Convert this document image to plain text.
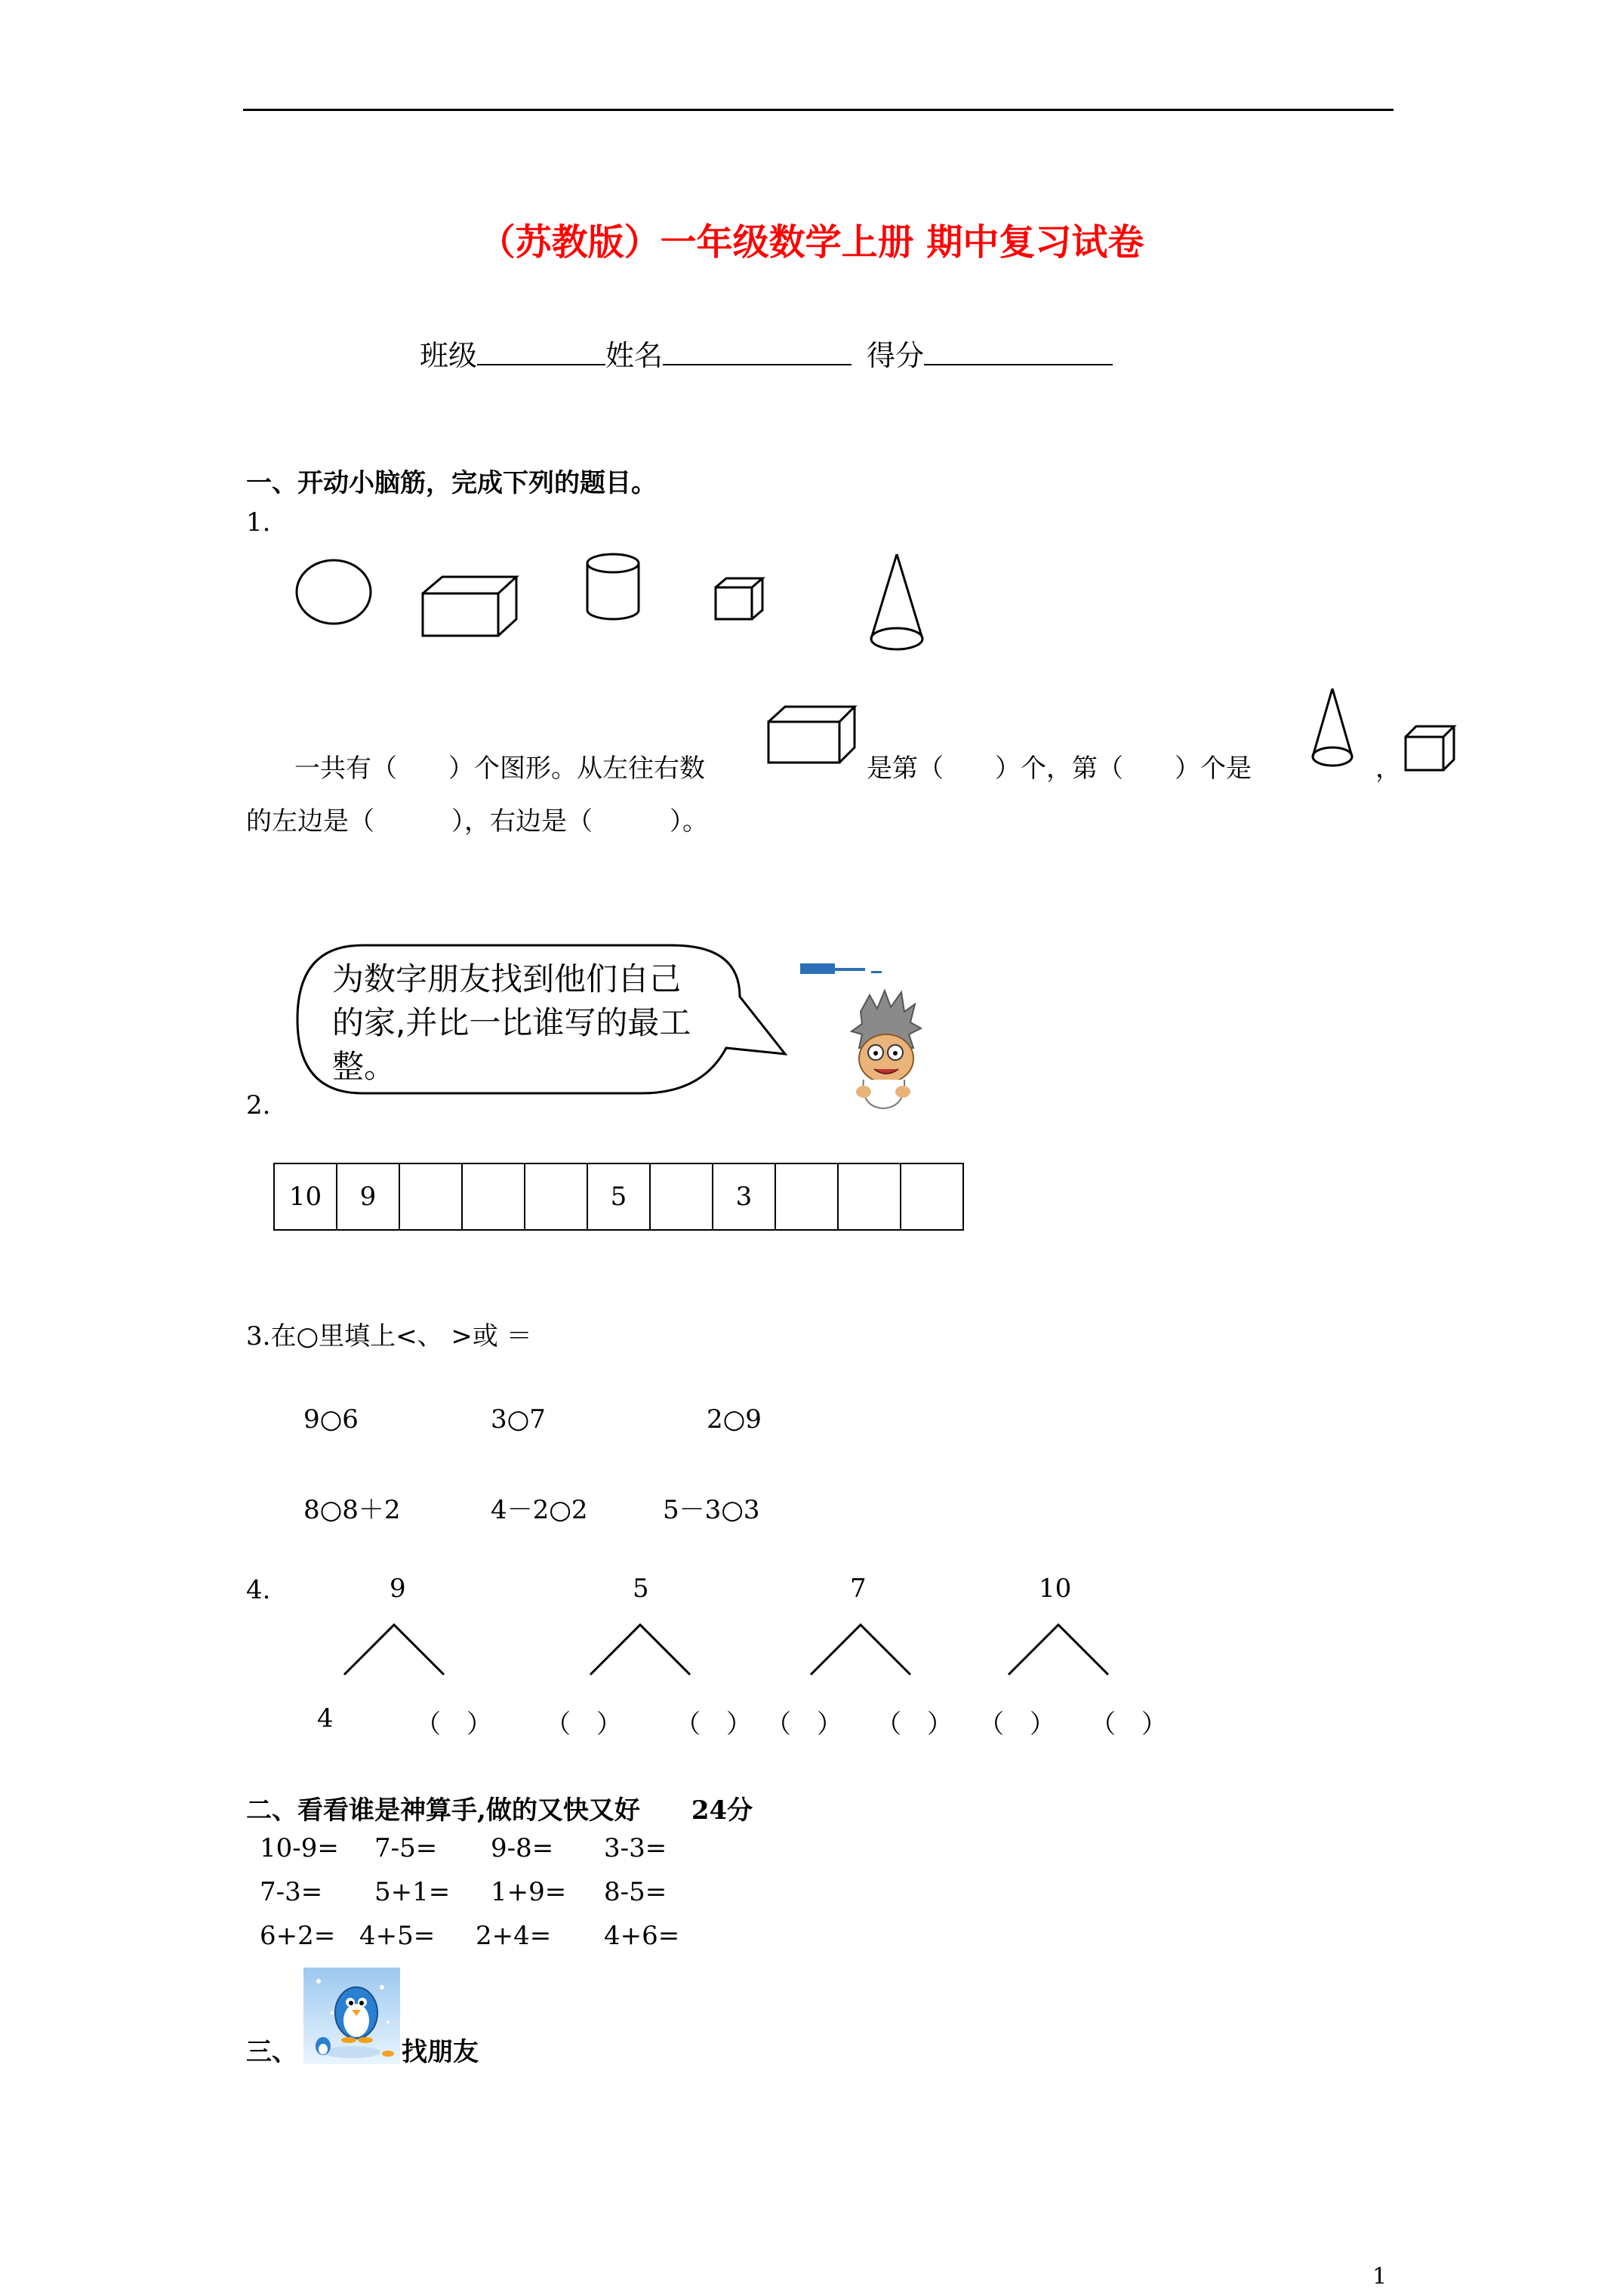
（苏教版）一年级数学上册 期中复习试卷
班级	姓名	得分
一、开动小脑筋，完成下列的题目。
1.
一共有（　　）个图形。从左往右数	是第（　　）个，第（　　）个是	，
的左边是（　　　），右边是（　　　）。
为数字朋友找到他们自己的家,并比一比谁写的最工整。
2.
10	9				5		3			
3.在○里填上<、 >或 ＝
9○6	3○7	2○9
8○8＋2	4－2○2	5－3○3
4.	9	5	7	10
4	（　） （　） （　） （　） （　） （　） （　）
二、看看谁是神算手,做的又快又好　　24分
10-9= 7-5= 9-8= 3-3=
7-3= 5+1= 1+9= 8-5=
6+2= 4+5= 2+4= 4+6=
三、	找朋友
1
